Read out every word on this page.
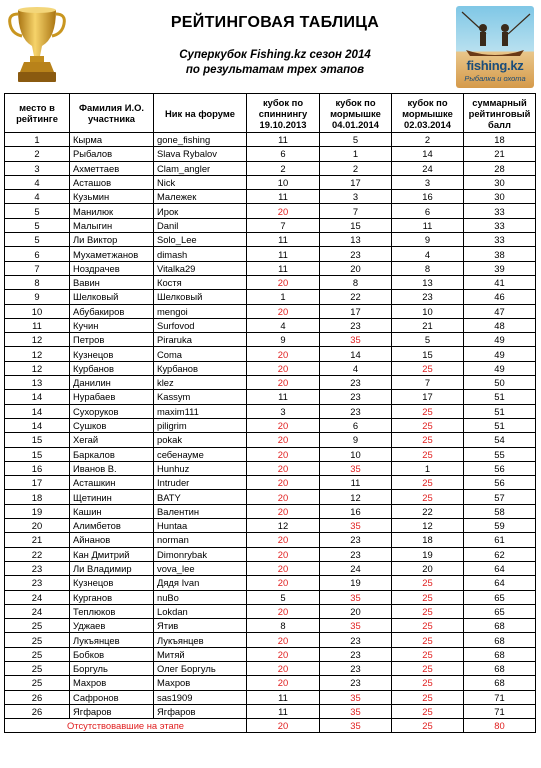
РЕЙТИНГОВАЯ ТАБЛИЦА
Суперкубок Fishing.kz сезон 2014
по результатам трех этапов	fishing.kz
Рыбалка и охота
место в рейтинге	Фамилия И.О. участника	Ник на форуме	кубок по спиннингу 19.10.2013	кубок по мормышке 04.01.2014	кубок по мормышке 02.03.2014	суммарный рейтинговый балл
1	Кырма	gone_fishing	11	5	2	18
2	Рыбалов	Slava Rybalov	6	1	14	21
3	Ахметтаев	Clam_angler	2	2	24	28
4	Асташов	Nick	10	17	3	30
4	Кузьмин	Малежек	11	3	16	30
5	Манилюк	Ирок	20	7	6	33
5	Малыгин	Danil	7	15	11	33
5	Ли Виктор	Solo_Lee	11	13	9	33
6	Мухаметжанов	dimash	11	23	4	38
7	Ноздрачев	Vitalka29	11	20	8	39
8	Вавин	Костя	20	8	13	41
9	Шелковый	Шелковый	1	22	23	46
10	Абубакиров	mengoi	20	17	10	47
11	Кучин	Surfovod	4	23	21	48
12	Петров	Piraruka	9	35	5	49
12	Кузнецов	Coma	20	14	15	49
12	Курбанов	Курбанов	20	4	25	49
13	Данилин	klez	20	23	7	50
14	Нурабаев	Kassym	11	23	17	51
14	Сухоруков	maxim111	3	23	25	51
14	Сушков	piligrim	20	6	25	51
15	Хегай	pokak	20	9	25	54
15	Баркалов	себенауме	20	10	25	55
16	Иванов В.	Hunhuz	20	35	1	56
17	Асташкин	Intruder	20	11	25	56
18	Щетинин	BATY	20	12	25	57
19	Кашин	Валентин	20	16	22	58
20	Алимбетов	Huntaa	12	35	12	59
21	Айнанов	norman	20	23	18	61
22	Кан Дмитрий	Dimonrybak	20	23	19	62
23	Ли Владимир	vova_lee	20	24	20	64
23	Кузнецов	Дядя Ivan	20	19	25	64
24	Курганов	nuBo	5	35	25	65
24	Теплюков	Lokdan	20	20	25	65
25	Уджаев	Ятив	8	35	25	68
25	Лукъянцев	Лукъянцев	20	23	25	68
25	Бобков	Митяй	20	23	25	68
25	Боргуль	Олег Боргуль	20	23	25	68
25	Махров	Махров	20	23	25	68
26	Сафронов	sas1909	11	35	25	71
26	Ягфаров	Ягфаров	11	35	25	71
Отсутствовавшие на этапе			20	35	25	80
